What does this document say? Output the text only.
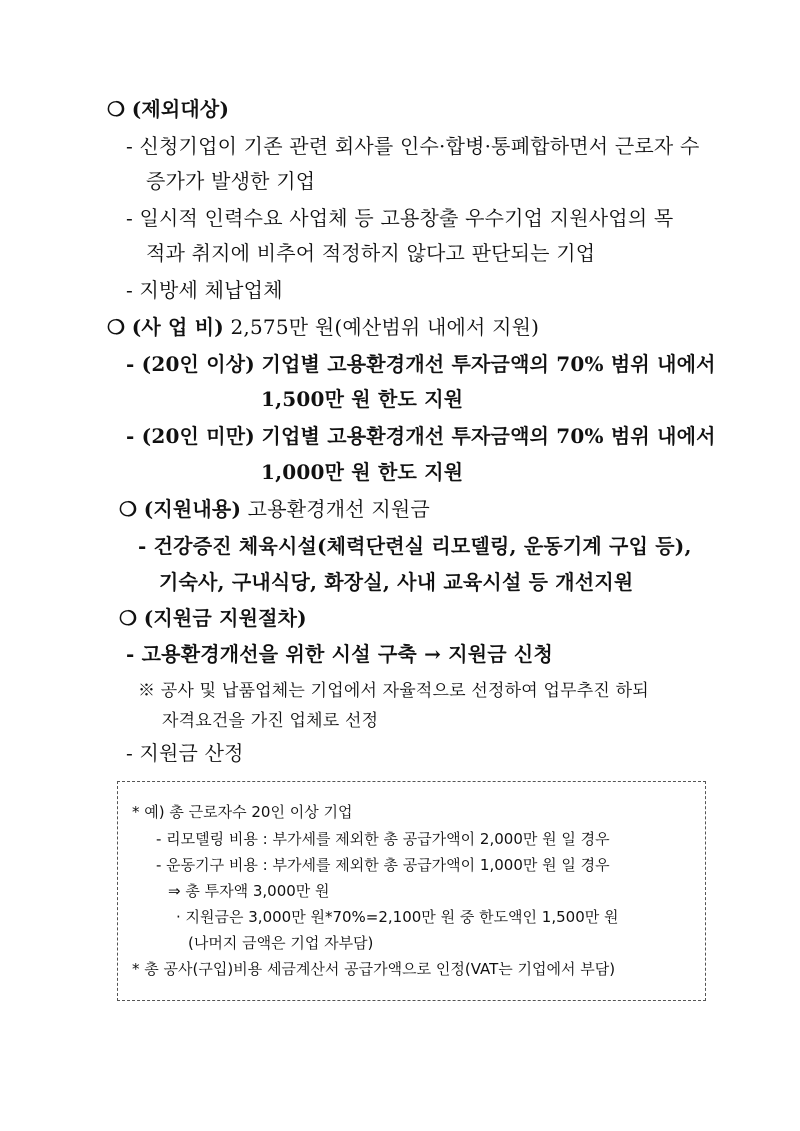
❍ (제외대상)
- 신청기업이 기존 관련 회사를 인수·합병·통폐합하면서 근로자 수
증가가 발생한 기업
- 일시적 인력수요 사업체 등 고용창출 우수기업 지원사업의 목
적과 취지에 비추어 적정하지 않다고 판단되는 기업
- 지방세 체납업체
❍ (사 업 비) 2,575만 원(예산범위 내에서 지원)
- (20인 이상) 기업별 고용환경개선 투자금액의 70% 범위 내에서
1,500만 원 한도 지원
- (20인 미만) 기업별 고용환경개선 투자금액의 70% 범위 내에서
1,000만 원 한도 지원
❍ (지원내용) 고용환경개선 지원금
- 건강증진 체육시설(체력단련실 리모델링, 운동기계 구입 등),
기숙사, 구내식당, 화장실, 사내 교육시설 등 개선지원
❍ (지원금 지원절차)
- 고용환경개선을 위한 시설 구축 → 지원금 신청
※ 공사 및 납품업체는 기업에서 자율적으로 선정하여 업무추진 하되
자격요건을 가진 업체로 선정
- 지원금 산정
* 예) 총 근로자수 20인 이상 기업
- 리모델링 비용 : 부가세를 제외한 총 공급가액이 2,000만 원 일 경우
- 운동기구 비용 : 부가세를 제외한 총 공급가액이 1,000만 원 일 경우
⇒ 총 투자액 3,000만 원
· 지원금은 3,000만 원*70%=2,100만 원 중 한도액인 1,500만 원
(나머지 금액은 기업 자부담)
* 총 공사(구입)비용 세금계산서 공급가액으로 인정(VAT는 기업에서 부담)
